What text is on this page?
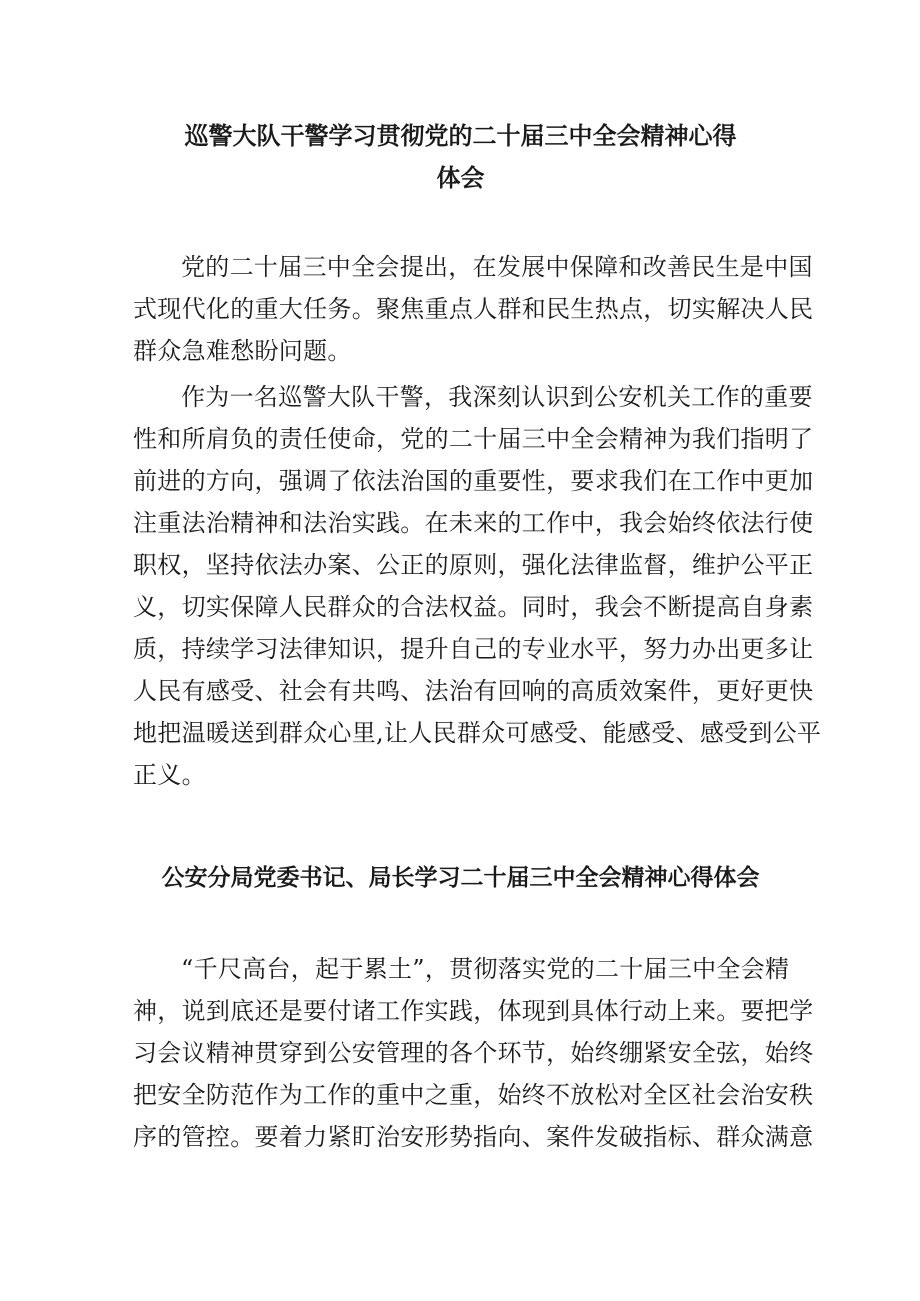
巡警大队干警学习贯彻党的二十届三中全会精神心得
体会
党的二十届三中全会提出，在发展中保障和改善民生是中国
式现代化的重大任务。聚焦重点人群和民生热点，切实解决人民
群众急难愁盼问题。
作为一名巡警大队干警，我深刻认识到公安机关工作的重要
性和所肩负的责任使命，党的二十届三中全会精神为我们指明了
前进的方向，强调了依法治国的重要性，要求我们在工作中更加
注重法治精神和法治实践。在未来的工作中，我会始终依法行使
职权，坚持依法办案、公正的原则，强化法律监督，维护公平正
义，切实保障人民群众的合法权益。同时，我会不断提高自身素
质，持续学习法律知识，提升自己的专业水平，努力办出更多让
人民有感受、社会有共鸣、法治有回响的高质效案件，更好更快
地把温暖送到群众心里,让人民群众可感受、能感受、感受到公平
正义。
公安分局党委书记、局长学习二十届三中全会精神心得体会
“千尺高台，起于累土”，贯彻落实党的二十届三中全会精
神，说到底还是要付诸工作实践，体现到具体行动上来。要把学
习会议精神贯穿到公安管理的各个环节，始终绷紧安全弦，始终
把安全防范作为工作的重中之重，始终不放松对全区社会治安秩
序的管控。要着力紧盯治安形势指向、案件发破指标、群众满意
